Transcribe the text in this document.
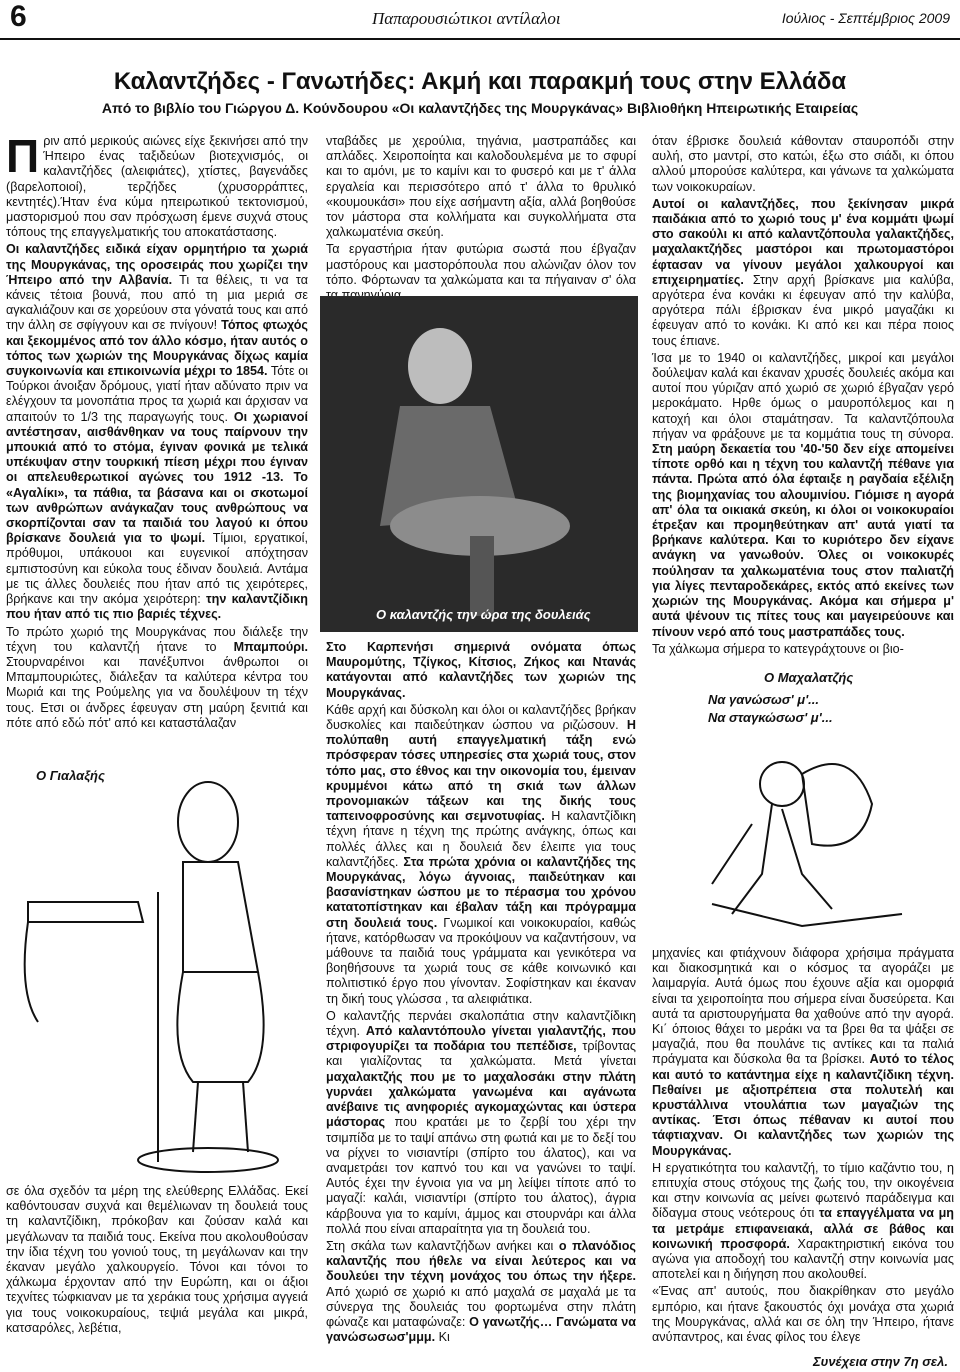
6	Παπαρουσιώτικοι αντίλαλοι	Ιούλιος - Σεπτέμβριος 2009
Καλαντζήδες - Γανωτήδες: Ακμή και παρακμή τους στην Ελλάδα
Από το βιβλίο του Γιώργου Δ. Κούνδουρου «Οι καλαντζήδες της Μουργκάνας» Βιβλιοθήκη Ηπειρωτικής Εταιρείας

Πριν από μερικούς αιώνες είχε ξεκινήσει από την Ήπειρο ένας ταξιδεύων βιοτεχνισμός, οι καλαντζήδες (αλειφιάτες), χτίστες, βαγενάδες (βαρελοποιοί), τερζήδες (χρυσορράπτες, κεντητές).Ήταν ένα κύμα ηπειρωτικού τεκτονισμού, μαστορισμού που σαν πρόσχωση έμενε συχνά στους τόπους της επαγγελματικής του αποκατάστασης.

Οι καλαντζήδες ειδικά είχαν ορμητήριο τα χωριά της Μουργκάνας, της οροσειράς που χωρίζει την Ήπειρο από την Αλβανία. Τι τα θέλεις, τι να τα κάνεις τέτοια βουνά, που από τη μια μεριά σε αγκαλιάζουν και σε χορεύουν στα γόνατά τους και από την άλλη σε σφίγγουν και σε πνίγουν! Τόπος φτωχός και ξεκομμένος από τον άλλο κόσμο, ήταν αυτός ο τόπος των χωριών της Μουργκάνας δίχως καμία συγκοινωνία και επικοινωνία μέχρι το 1854. Τότε οι Τούρκοι άνοιξαν δρόμους, γιατί ήταν αδύνατο πριν να ελέγχουν τα μονοπάτια προς τα χωριά και άρχισαν να απαιτούν το 1/3 της παραγωγής τους. Οι χωριανοί αντέστησαν, αισθάνθηκαν να τους παίρνουν την μπουκιά από το στόμα, έγιναν φονικά με τελικά υπέκυψαν στην τουρκική πίεση μέχρι που έγιναν οι απελευθερωτικοί αγώνες του 1912 -13. Το «Αγαλίκι», τα πάθια, τα βάσανα και οι σκοτωμοί των ανθρώπων ανάγκαζαν τους ανθρώπους να σκορπίζονται σαν τα παιδιά του λαγού κι όπου βρίσκανε δουλειά για το ψωμί. Τίμιοι, εργατικοί, πρόθυμοι, υπάκουοι και ευγενικοί απόχτησαν εμπιστοσύνη και εύκολα τους έδιναν δουλειά. Αντάμα με τις άλλες δουλειές που ήταν από τις χειρότερες, βρήκανε και την ακόμα χειρότερη: την καλαντζίδικη που ήταν από τις πιο βαριές τέχνες.

Το πρώτο χωριό της Μουργκάνας που διάλεξε την τέχνη του καλαντζή ήτανε το Μπαμπούρι. Στουρναρέινοι και πανέξυπνοι άνθρωποι οι Μπαμπουριώτες, διάλεξαν τα καλύτερα κέντρα του Μωριά και της Ρούμελης για να δουλέψουν τη τέχν τους. Ετσι οι άνδρες έφευγαν στη μαύρη ξενιτιά και πότε από εδώ πότ' από κει καταστάλαζαν

Ο Γιαλαξής

σε όλα σχεδόν τα μέρη της ελεύθερης Ελλάδας. Εκεί καθόντουσαν συχνά και θεμέλιωναν τη δουλειά τους τη καλαντζίδικη, πρόκοβαν και ζούσαν καλά και μεγάλωναν τα παιδιά τους. Εκείνα που ακολουθούσαν την ίδια τέχνη του γονιού τους, τη μεγάλωναν και την έκαναν μεγάλο χαλκουργείο. Τόνοι και τόνοι το χάλκωμα έρχονταν από την Ευρώπη, και οι άξιοι τεχνίτες τώφκιαναν με τα χεράκια τους χρήσιμα αγγειά για τους νοικοκυραίους, τεψιά μεγάλα και μικρά, κατσαρόλες, λεβέτια,

νταβάδες με χερούλια, τηγάνια, μαστραπάδες και απλάδες. Χειροποίητα και καλοδουλεμένα με το σφυρί και το αμόνι, με το καμίνι και το φυσερό και με τ' άλλα εργαλεία και περισσότερο από τ' άλλα το θρυλικό «κουμουκάσι» που είχε ασήμαντη αξία, αλλά βοηθούσε τον μάστορα στα κολλήματα και συγκολλήματα στα χαλκωματένια σκεύη.

Τα εργαστήρια ήταν φυτώρια σωστά που έβγαζαν μαστόρους και μαστορόπουλα που αλώνιζαν όλον τον τόπο. Φόρτωναν τα χαλκώματα και τα πήγαιναν σ' όλα

Ο καλαντζής την ώρα της δουλειάς

Στο Καρπενήσι σημερινά ονόματα όπως Μαυρομύτης, Τζίγκος, Κίτσιος, Ζήκος και Ντανάς κατάγονται από καλαντζήδες των χωριών της Μουργκάνας.

Κάθε αρχή και δύσκολη και όλοι οι καλαντζήδες βρήκαν δυσκολίες και παιδεύτηκαν ώσπου να ριζώσουν. Η πολύπαθη αυτή επαγγελματική τάξη ενώ πρόσφεραν τόσες υπηρεσίες στα χωριά τους, στον τόπο μας, στο έθνος και την οικονομία του, έμειναν κρυμμένοι κάτω από τη σκιά των άλλων προνομιακών τάξεων και της δικής τους ταπεινοφροσύνης και σεμνοτυφίας. Η καλαντζίδικη τέχνη ήτανε η τέχνη της πρώτης ανάγκης, όπως και πολλές άλλες και η δουλειά δεν έλειπε για τους καλαντζήδες. Στα πρώτα χρόνια οι καλαντζήδες της Μουργκάνας, λόγω άγνοιας, παιδεύτηκαν και βασανίστηκαν ώσπου με το πέρασμα του χρόνου κατατοπίστηκαν και έβαλαν τάξη και πρόγραμμα στη δουλειά τους. Γνωμικοί και νοικοκυραίοι, καθώς ήτανε, κατόρθωσαν να προκόψουν να καζαντήσουν, να μάθουνε τα παιδιά τους γράμματα και γενικότερα να βοηθήσουνε τα χωριά τους σε κάθε κοινωνικό και πολιτιστικό έργο που γίνονταν. Σοφίστηκαν και έκαναν τη δική τους γλώσσα , τα αλειφιάτικα.

Ο καλαντζής περνάει σκαλοπάτια στην καλαντζίδικη τέχνη. Από καλαντόπουλο γίνεται γιαλαντζής, που στριφογυρίζει τα ποδάρια του πεπέδισε, τρίβοντας και γιαλίζοντας τα χαλκώματα. Μετά γίνεται μαχαλακτζής που με το μαχαλοσάκι στην πλάτη γυρνάει χαλκώματα γανωμένα και αγάνωτα ανέβαινε τις ανηφοριές αγκομαχώντας και ύστερα μάστορας που κρατάει με το ζερβί του χέρι την τσιμπίδα με το ταψί απάνω στη φωτιά και με το δεξί του να ρίχνει το νισιαντίρι (σπίρτο του άλατος), και να αναμετράει τον καπνό του και να γανώνει το ταψί. Αυτός έχει την έγνοια για να μη λείψει τίποτε από το μαγαζί: καλάι, νισιαντίρι (σπίρτο του άλατος), άγρια κάρβουνα για το καμίνι, άμμος και στουρνάρι και άλλα πολλά που είναι απαραίτητα για τη δουλειά του.

Στη σκάλα των καλαντζήδων ανήκει και ο πλανόδιος καλαντζής που ήθελε να είναι λεύτερος και να δουλεύει την τέχνη μονάχος του όπως την ήξερε. Από χωριό σε χωριό κι από μαχαλά σε μαχαλά με τα σύνεργα της δουλειάς του φορτωμένα στην πλάτη φώναζε και ματαφώναζε: Ο γανωτζής… Γανώματα να γανώσωσωσ'μμμ. Κι

όταν έβρισκε δουλειά κάθονταν σταυροπόδι στην αυλή, στο μαντρί, στο κατώι, έξω στο σιάδι, κι όπου αλλού μπορούσε καλύτερα, και γάνωνε τα χαλκώματα των νοικοκυραίων.

Αυτοί οι καλαντζήδες, που ξεκίνησαν μικρά παιδάκια από το χωριό τους μ' ένα κομμάτι ψωμί στο σακούλι κι από καλαντζόπουλα γαλακτζήδες, μαχαλακτζήδες μαστόροι και πρωτομαστόροι έφτασαν να γίνουν μεγάλοι χαλκουργοί και επιχειρηματίες. Στην αρχή βρίσκανε μια καλύβα, αργότερα ένα κονάκι κι έφευγαν από την καλύβα, αργότερα πάλι έβρισκαν ένα μικρό μαγαζάκι κι έφευγαν από το κονάκι. Κι από κει και πέρα ποιος τους έπιανε.

Ίσα με το 1940 οι καλαντζήδες, μικροί και μεγάλοι δούλεψαν καλά και έκαναν χρυσές δουλειές ακόμα και αυτοί που γύριζαν από χωριό σε χωριό έβγαζαν γερό μεροκάματο. Ηρθε όμως ο μαυροπόλεμος και η κατοχή και όλοι σταμάτησαν. Τα καλαντζόπουλα πήγαν να φράξουνε με τα κομμάτια τους τη σύνορα. Στη μαύρη δεκαετία του '40-'50 δεν είχε απομείνει τίποτε ορθό και η τέχνη του καλαντζή πέθανε για πάντα. Πρώτα από όλα έφταιξε η ραγδαία εξέλιξη της βιομηχανίας του αλουμινίου. Γιόμισε η αγορά απ' όλα τα οικιακά σκεύη, κι όλοι οι νοικοκυραίοι έτρεξαν και προμηθεύτηκαν απ' αυτά γιατί τα βρήκανε καλύτερα. Και το κυριότερο δεν είχανε ανάγκη να γανωθούν. Όλες οι νοικοκυρές πούλησαν τα χαλκωματένια τους στον παλιατζή για λίγες πενταροδεκάρες, εκτός από εκείνες των χωριών της Μουργκάνας. Ακόμα και σήμερα μ' αυτά ψένουν τις πίτες τους και μαγειρεύουνε και πίνουν νερό από τους μαστραπάδες τους.

Τα χάλκωμα σήμερα το κατεγράχτουνε οι βιο-

Ο Μαχαλατζής
Να γανώσωσ' μ'...
Να σταγκώσωσ' μ'...

μηχανίες και φτιάχνουν διάφορα χρήσιμα πράγματα και διακοσμητικά και ο κόσμος τα αγοράζει με λαιμαργία. Αυτά όμως που έχουνε αξία και ομορφιά είναι τα χειροποίητα που σήμερα είναι δυσεύρετα. Και αυτά τα αριστουργήματα θα χαθούνε από την αγορά. Κι΄ όποιος θάχει το μεράκι να τα βρει θα τα ψάξει σε μαγαζιά, που θα πουλάνε τις αντίκες και τα παλιά πράγματα και δύσκολα θα τα βρίσκει. Αυτό το τέλος και αυτό το κατάντημα είχε η καλαντζίδικη τέχνη. Πεθαίνει με αξιοπρέπεια στα πολυτελή και κρυστάλλινα ντουλάπια των μαγαζιών της αντίκας. Έτσι όπως πέθαναν κι αυτοί που τάφτιαχναν. Οι καλαντζήδες των χωριών της Μουργκάνας.

Η εργατικότητα του καλαντζή, το τίμιο καζάντιο του, η επιτυχία στους στόχους της ζωής του, την οικογένεια και στην κοινωνία ας μείνει φωτεινό παράδειγμα και δίδαγμα στους νεότερους ότι τα επαγγέλματα να μη τα μετράμε επιφανειακά, αλλά σε βάθος και κοινωνική προσφορά. Χαρακτηριστική εικόνα του αγώνα για αποδοχή του καλαντζή στην κοινωνία μας αποτελεί και η διήγηση που ακολουθεί.

«Ένας απ' αυτούς, που διακρίθηκαν στο μεγάλο εμπόριο, και ήτανε ξακουστός όχι μονάχα στα χωριά της Μουργκάνας, αλλά και σε όλη την Ήπειρο, ήτανε ανύπαντρος, και ένας φίλος του έλεγε

Συνέχεια στην 7η σελ.
